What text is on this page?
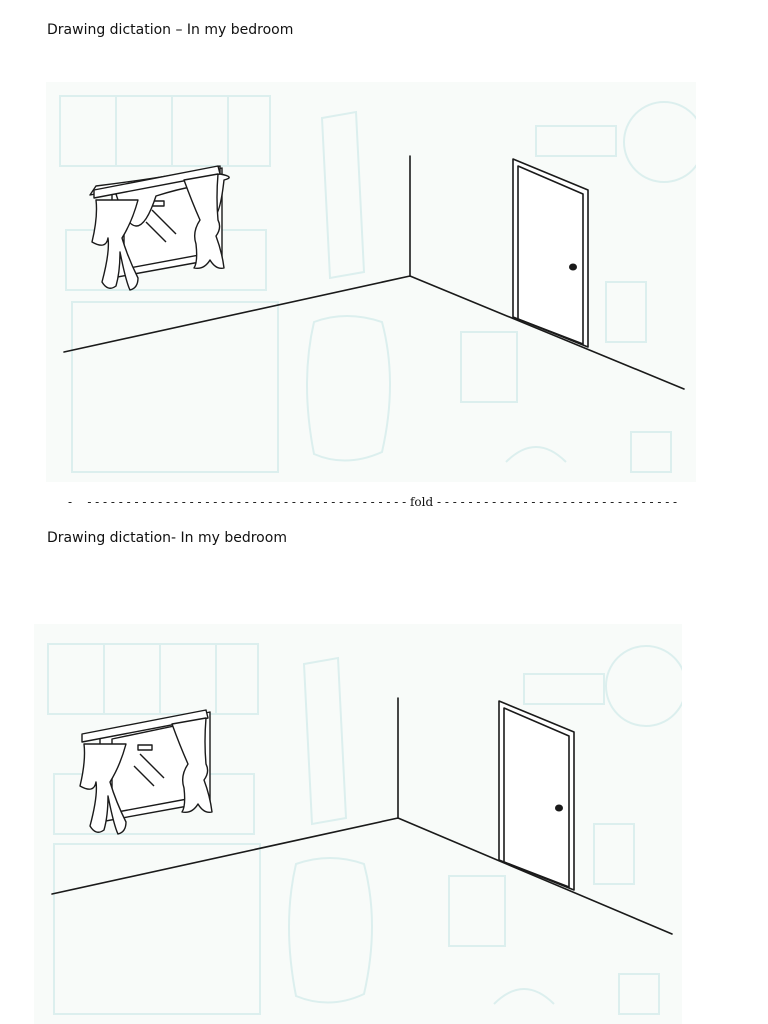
Drawing dictation – In my bedroom
-    - - - - - - - - - - - - - - - - - - - - - - - - - - - - - - - - - - - - - - - - - fold - - - - - - - - - - - - - - - - - - - - - - - - - - - - - - -
Drawing dictation- In my bedroom
